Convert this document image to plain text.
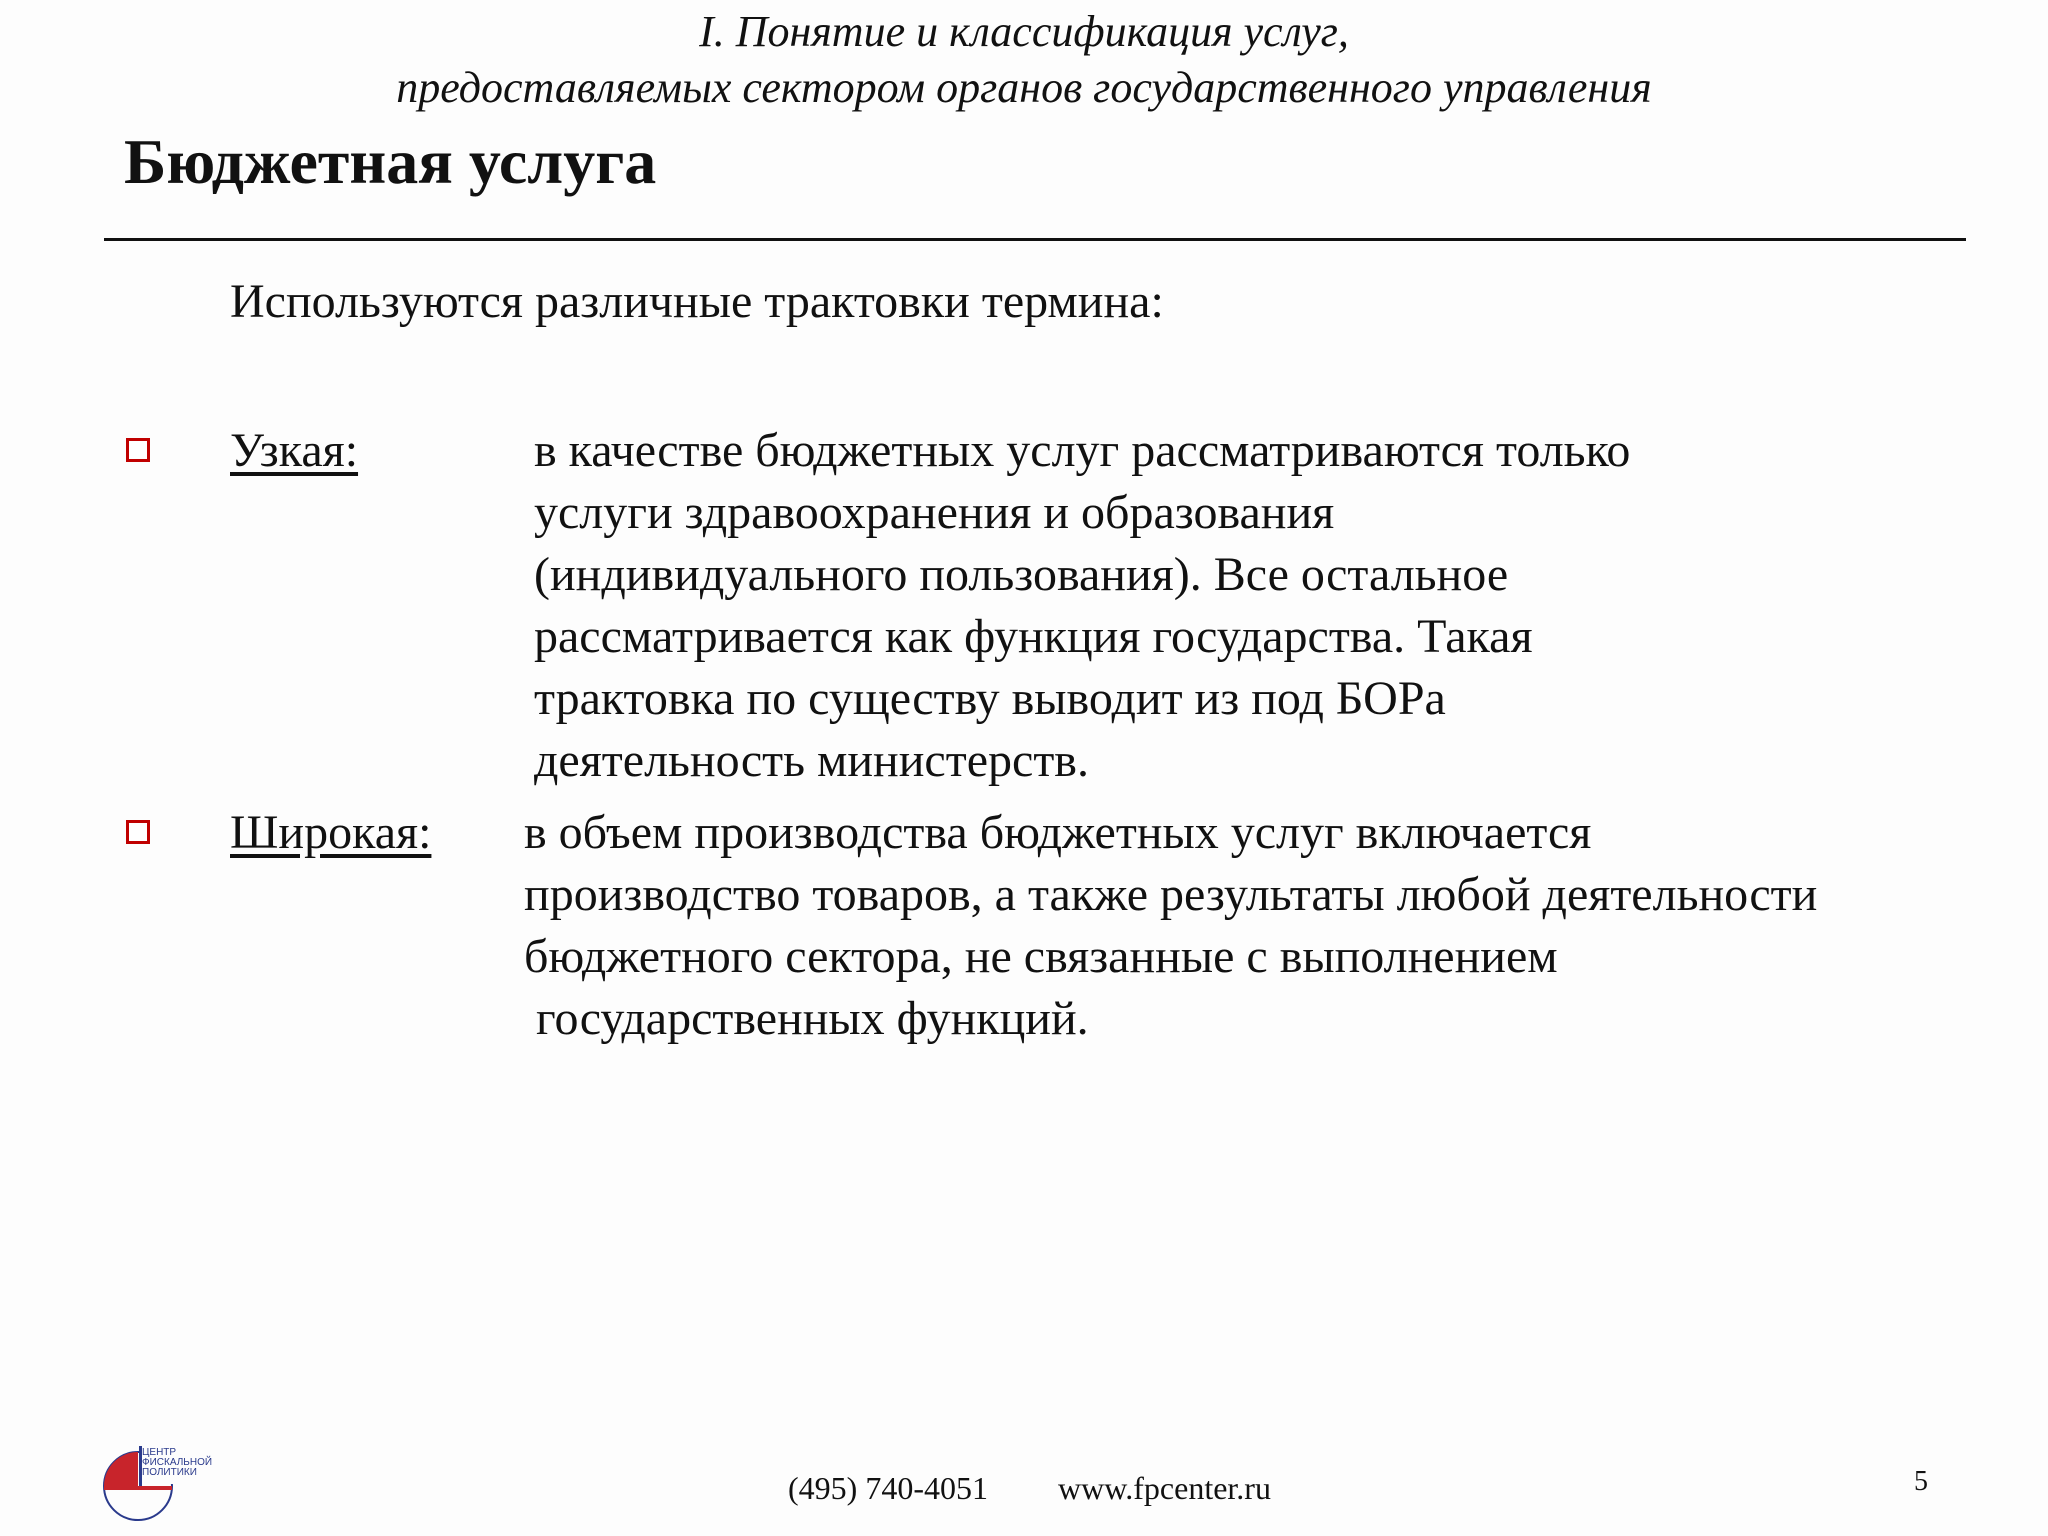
I. Понятие и классификация услуг,
предоставляемых сектором органов государственного управления
Бюджетная услуга
Используются различные трактовки термина:
Узкая:	в качестве бюджетных услуг рассматриваются только
услуги здравоохранения и образования
(индивидуального пользования). Все остальное
рассматривается как функция государства. Такая
трактовка по существу выводит из под БОРа
деятельность министерств.
Широкая: в объем производства бюджетных услуг включается
производство товаров, а также результаты любой деятельности
бюджетного сектора, не связанные с выполнением
государственных функций.
ЦЕНТР
ФИСКАЛЬНОЙ
ПОЛИТИКИ	(495) 740-4051 www.fpcenter.ru	5
